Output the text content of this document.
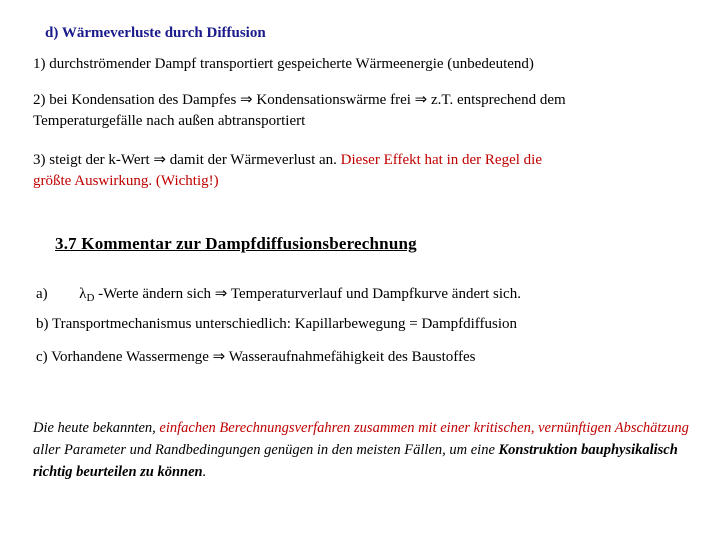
d) Wärmeverluste durch Diffusion
1) durchströmender Dampf transportiert gespeicherte Wärmeenergie (unbedeutend)
2) bei Kondensation des Dampfes ⇒ Kondensationswärme frei ⇒ z.T. entsprechend dem
Temperaturgefälle nach außen abtransportiert
3) steigt der k-Wert ⇒ damit der Wärmeverlust an. Dieser Effekt hat in der Regel die
größte Auswirkung. (Wichtig!)
3.7 Kommentar zur Dampfdiffusionsberechnung
a) $\lambda_D$ -Werte ändern sich ⇒ Temperaturverlauf und Dampfkurve ändert sich.
b) Transportmechanismus unterschiedlich: Kapillarbewegung = Dampfdiffusion
c) Vorhandene Wassermenge ⇒ Wasseraufnahmefähigkeit des Baustoffes
Die heute bekannten, einfachen Berechnungsverfahren zusammen mit einer kritischen, vernünftigen Abschätzung aller Parameter und Randbedingungen genügen in den meisten Fällen, um eine Konstruktion bauphysikalisch richtig beurteilen zu können.
